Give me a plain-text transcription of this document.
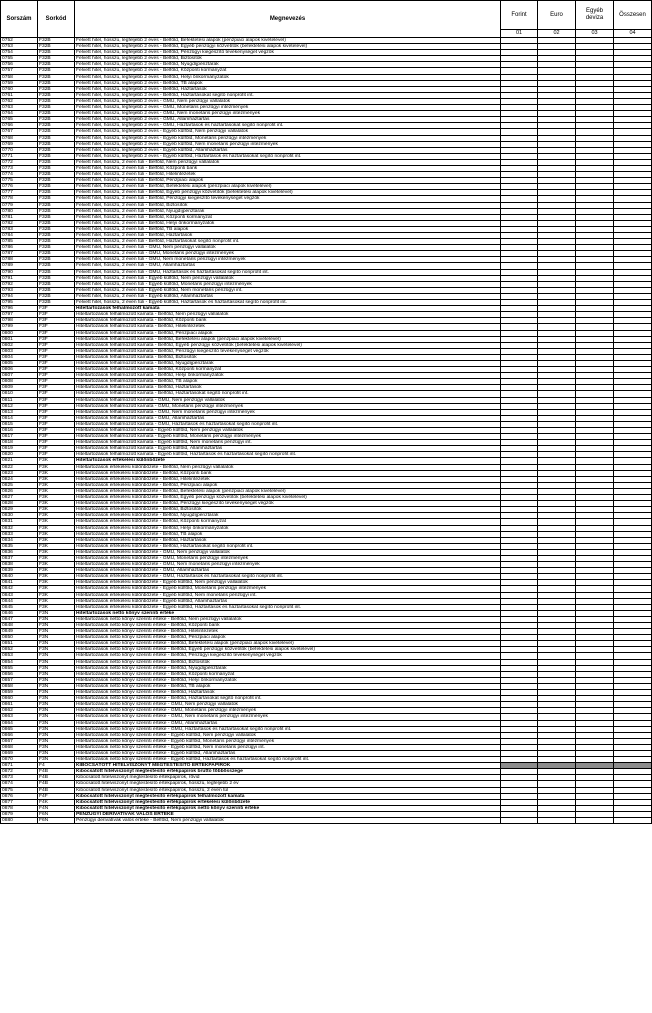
Sorszám	Sorkód	Megnevezés	Forint	Euro	Egyéb deviza	Összesen
			01	02	03	04
0752	F32B	Felvett hitel, hosszú, legfeljebb 2 éves - Belföld, Befektetési alapok (pénzpiaci alapok kivételével)				
0753	F32B	Felvett hitel, hosszú, legfeljebb 2 éves - Belföld, Egyéb pénzügyi közvetítők (befektetési alapok kivételével)				
0754	F32B	Felvett hitel, hosszú, legfeljebb 2 éves - Belföld, Pénzügyi kiegészítő tevékenységet végzők				
0755	F32B	Felvett hitel, hosszú, legfeljebb 2 éves - Belföld, Biztosítók				
0756	F32B	Felvett hitel, hosszú, legfeljebb 2 éves - Belföld, Nyugdíjpénztárak				
0757	F32B	Felvett hitel, hosszú, legfeljebb 2 éves - Belföld, Központi kormányzat				
0758	F32B	Felvett hitel, hosszú, legfeljebb 2 éves - Belföld, Helyi önkormányzatok				
0759	F32B	Felvett hitel, hosszú, legfeljebb 2 éves - Belföld, TB alapok				
0760	F32B	Felvett hitel, hosszú, legfeljebb 2 éves - Belföld, Háztartások				
0761	F32B	Felvett hitel, hosszú, legfeljebb 2 éves - Belföld, Háztartásokat segítő nonprofit int.				
0762	F32B	Felvett hitel, hosszú, legfeljebb 2 éves - GMU, Nem pénzügyi vállalatok				
0763	F32B	Felvett hitel, hosszú, legfeljebb 2 éves - GMU, Monetáris pénzügyi intézmények				
0764	F32B	Felvett hitel, hosszú, legfeljebb 2 éves - GMU, Nem monetáris pénzügyi intézmények				
0765	F32B	Felvett hitel, hosszú, legfeljebb 2 éves - GMU, Államháztartás				
0766	F32B	Felvett hitel, hosszú, legfeljebb 2 éves - GMU, Háztartások és háztartásokat segítő nonprofit int.				
0767	F32B	Felvett hitel, hosszú, legfeljebb 2 éves - Egyéb külföld, Nem pénzügyi vállalatok				
0768	F32B	Felvett hitel, hosszú, legfeljebb 2 éves - Egyéb külföld, Monetáris pénzügyi intézmények				
0769	F32B	Felvett hitel, hosszú, legfeljebb 2 éves - Egyéb külföld, Nem monetáris pénzügyi intézmények				
0770	F32B	Felvett hitel, hosszú, legfeljebb 2 éves - Egyéb külföld, Államháztartás				
0771	F32B	Felvett hitel, hosszú, legfeljebb 2 éves - Egyéb külföld, Háztartások és háztartásokat segítő nonprofit int.				
0772	F32B	Felvett hitel, hosszú, 2 éven túli - Belföld, Nem pénzügyi vállalatok				
0773	F32B	Felvett hitel, hosszú, 2 éven túli - Belföld, Központi bank				
0774	F32B	Felvett hitel, hosszú, 2 éven túli - Belföld, Hitelintézetek				
0775	F32B	Felvett hitel, hosszú, 2 éven túli - Belföld, Pénzpiaci alapok				
0776	F32B	Felvett hitel, hosszú, 2 éven túli - Belföld, Befektetési alapok (pénzpiaci alapok kivételével)				
0777	F32B	Felvett hitel, hosszú, 2 éven túli - Belföld, Egyéb pénzügyi közvetítők (befektetési alapok kivételével)				
0778	F32B	Felvett hitel, hosszú, 2 éven túli - Belföld, Pénzügyi kiegészítő tevékenységet végzők				
0779	F32B	Felvett hitel, hosszú, 2 éven túli - Belföld, Biztosítók				
0780	F32B	Felvett hitel, hosszú, 2 éven túli - Belföld, Nyugdíjpénztárak				
0781	F32B	Felvett hitel, hosszú, 2 éven túli - Belföld, Központi kormányzat				
0782	F32B	Felvett hitel, hosszú, 2 éven túli - Belföld, Helyi önkormányzatok				
0783	F32B	Felvett hitel, hosszú, 2 éven túli - Belföld, TB alapok				
0784	F32B	Felvett hitel, hosszú, 2 éven túli - Belföld, Háztartások				
0785	F32B	Felvett hitel, hosszú, 2 éven túli - Belföld, Háztartásokat segítő nonprofit int.				
0786	F32B	Felvett hitel, hosszú, 2 éven túli - GMU, Nem pénzügyi vállalatok				
0787	F32B	Felvett hitel, hosszú, 2 éven túli - GMU, Monetáris pénzügyi intézmények				
0788	F32B	Felvett hitel, hosszú, 2 éven túli - GMU, Nem monetáris pénzügyi intézmények				
0789	F32B	Felvett hitel, hosszú, 2 éven túli - GMU, Államháztartás				
0790	F32B	Felvett hitel, hosszú, 2 éven túli - GMU, Háztartások és háztartásokat segítő nonprofit int.				
0791	F32B	Felvett hitel, hosszú, 2 éven túli - Egyéb külföld, Nem pénzügyi vállalatok				
0792	F32B	Felvett hitel, hosszú, 2 éven túli - Egyéb külföld, Monetáris pénzügyi intézmények				
0793	F32B	Felvett hitel, hosszú, 2 éven túli - Egyéb külföld, Nem monetáris pénzügyi int.				
0794	F32B	Felvett hitel, hosszú, 2 éven túli - Egyéb külföld, Államháztartás				
0795	F32B	Felvett hitel, hosszú, 2 éven túli - Egyéb külföld, Háztartások és háztartásokat segítő nonprofit int.				
0796	F3F	Hiteltartozások felhalmozott kamata				
0797	F3F	Hiteltartozások felhalmozott kamata - Belföld, Nem pénzügyi vállalatok				
0798	F3F	Hiteltartozások felhalmozott kamata - Belföld, Központi bank				
0799	F3F	Hiteltartozások felhalmozott kamata - Belföld, Hitelintézetek				
0800	F3F	Hiteltartozások felhalmozott kamata - Belföld, Pénzpiaci alapok				
0801	F3F	Hiteltartozások felhalmozott kamata - Belföld, Befektetési alapok (pénzpiaci alapok kivételével)				
0802	F3F	Hiteltartozások felhalmozott kamata - Belföld, Egyéb pénzügyi közvetítők (befektetési alapok kivételével)				
0803	F3F	Hiteltartozások felhalmozott kamata - Belföld, Pénzügyi kiegészítő tevékenységet végzők				
0804	F3F	Hiteltartozások felhalmozott kamata - Belföld, Biztosítók				
0805	F3F	Hiteltartozások felhalmozott kamata - Belföld, Nyugdíjpénztárak				
0806	F3F	Hiteltartozások felhalmozott kamata - Belföld, Központi kormányzat				
0807	F3F	Hiteltartozások felhalmozott kamata - Belföld, Helyi önkormányzatok				
0808	F3F	Hiteltartozások felhalmozott kamata - Belföld, TB alapok				
0809	F3F	Hiteltartozások felhalmozott kamata - Belföld, Háztartások				
0810	F3F	Hiteltartozások felhalmozott kamata - Belföld, Háztartásokat segítő nonprofit int.				
0811	F3F	Hiteltartozások felhalmozott kamata - GMU, Nem pénzügyi vállalatok				
0812	F3F	Hiteltartozások felhalmozott kamata - GMU, Monetáris pénzügyi intézmények				
0813	F3F	Hiteltartozások felhalmozott kamata - GMU, Nem monetáris pénzügyi intézmények				
0814	F3F	Hiteltartozások felhalmozott kamata - GMU, Államháztartás				
0815	F3F	Hiteltartozások felhalmozott kamata - GMU, Háztartások és háztartásokat segítő nonprofit int.				
0816	F3F	Hiteltartozások felhalmozott kamata - Egyéb külföld, Nem pénzügyi vállalatok				
0817	F3F	Hiteltartozások felhalmozott kamata - Egyéb külföld, Monetáris pénzügyi intézmények				
0818	F3F	Hiteltartozások felhalmozott kamata - Egyéb külföld, Nem monetáris pénzügyi int.				
0819	F3F	Hiteltartozások felhalmozott kamata - Egyéb külföld, Államháztartás				
0820	F3F	Hiteltartozások felhalmozott kamata - Egyéb külföld, Háztartások és háztartásokat segítő nonprofit int.				
0821	F3K	Hiteltartozások értékelési különbözete				
0822	F3K	Hiteltartozások értékelési különbözete - Belföld, Nem pénzügyi vállalatok				
0823	F3K	Hiteltartozások értékelési különbözete - Belföld, Központi bank				
0824	F3K	Hiteltartozások értékelési különbözete - Belföld, Hitelintézetek				
0825	F3K	Hiteltartozások értékelési különbözete - Belföld, Pénzpiaci alapok				
0826	F3K	Hiteltartozások értékelési különbözete - Belföld, Befektetési alapok (pénzpiaci alapok kivételével)				
0827	F3K	Hiteltartozások értékelési különbözete - Belföld, Egyéb pénzügyi közvetítők (befektetési alapok kivételével)				
0828	F3K	Hiteltartozások értékelési különbözete - Belföld, Pénzügyi kiegészítő tevékenységet végzők				
0829	F3K	Hiteltartozások értékelési különbözete - Belföld, Biztosítók				
0830	F3K	Hiteltartozások értékelési különbözete - Belföld, Nyugdíjpénztárak				
0831	F3K	Hiteltartozások értékelési különbözete - Belföld, Központi kormányzat				
0832	F3K	Hiteltartozások értékelési különbözete - Belföld, Helyi önkormányzatok				
0833	F3K	Hiteltartozások értékelési különbözete - Belföld, TB alapok				
0834	F3K	Hiteltartozások értékelési különbözete - Belföld, Háztartások				
0835	F3K	Hiteltartozások értékelési különbözete - Belföld, Háztartásokat segítő nonprofit int.				
0836	F3K	Hiteltartozások értékelési különbözete - GMU, Nem pénzügyi vállalatok				
0837	F3K	Hiteltartozások értékelési különbözete - GMU, Monetáris pénzügyi intézmények				
0838	F3K	Hiteltartozások értékelési különbözete - GMU, Nem monetáris pénzügyi intézmények				
0839	F3K	Hiteltartozások értékelési különbözete - GMU, Államháztartás				
0840	F3K	Hiteltartozások értékelési különbözete - GMU, Háztartások és háztartásokat segítő nonprofit int.				
0841	F3K	Hiteltartozások értékelési különbözete - Egyéb külföld, Nem pénzügyi vállalatok				
0842	F3K	Hiteltartozások értékelési különbözete - Egyéb külföld, Monetáris pénzügyi intézmények				
0843	F3K	Hiteltartozások értékelési különbözete - Egyéb külföld, Nem monetáris pénzügyi int.				
0844	F3K	Hiteltartozások értékelési különbözete - Egyéb külföld, Államháztartás				
0845	F3K	Hiteltartozások értékelési különbözete - Egyéb külföld, Háztartások és háztartásokat segítő nonprofit int.				
0846	F3N	Hiteltartozások nettó könyv szerinti értéke				
0847	F3N	Hiteltartozások nettó könyv szerinti értéke - Belföld, Nem pénzügyi vállalatok				
0848	F3N	Hiteltartozások nettó könyv szerinti értéke - Belföld, Központi bank				
0849	F3N	Hiteltartozások nettó könyv szerinti értéke - Belföld, Hitelintézetek				
0850	F3N	Hiteltartozások nettó könyv szerinti értéke - Belföld, Pénzpiaci alapok				
0851	F3N	Hiteltartozások nettó könyv szerinti értéke - Belföld, Befektetési alapok (pénzpiaci alapok kivételével)				
0852	F3N	Hiteltartozások nettó könyv szerinti értéke - Belföld, Egyéb pénzügyi közvetítők (befektetési alapok kivételével)				
0853	F3N	Hiteltartozások nettó könyv szerinti értéke - Belföld, Pénzügyi kiegészítő tevékenységet végzők				
0854	F3N	Hiteltartozások nettó könyv szerinti értéke - Belföld, Biztosítók				
0855	F3N	Hiteltartozások nettó könyv szerinti értéke - Belföld, Nyugdíjpénztárak				
0856	F3N	Hiteltartozások nettó könyv szerinti értéke - Belföld, Központi kormányzat				
0857	F3N	Hiteltartozások nettó könyv szerinti értéke - Belföld, Helyi önkormányzatok				
0858	F3N	Hiteltartozások nettó könyv szerinti értéke - Belföld, TB alapok				
0859	F3N	Hiteltartozások nettó könyv szerinti értéke - Belföld, Háztartások				
0860	F3N	Hiteltartozások nettó könyv szerinti értéke - Belföld, Háztartásokat segítő nonprofit int.				
0861	F3N	Hiteltartozások nettó könyv szerinti értéke - GMU, Nem pénzügyi vállalatok				
0862	F3N	Hiteltartozások nettó könyv szerinti értéke - GMU, Monetáris pénzügyi intézmények				
0863	F3N	Hiteltartozások nettó könyv szerinti értéke - GMU, Nem monetáris pénzügyi intézmények				
0864	F3N	Hiteltartozások nettó könyv szerinti értéke - GMU, Államháztartás				
0865	F3N	Hiteltartozások nettó könyv szerinti értéke - GMU, Háztartások és háztartásokat segítő nonprofit int.				
0866	F3N	Hiteltartozások nettó könyv szerinti értéke - Egyéb külföld, Nem pénzügyi vállalatok				
0867	F3N	Hiteltartozások nettó könyv szerinti értéke - Egyéb külföld, Monetáris pénzügyi intézmények				
0868	F3N	Hiteltartozások nettó könyv szerinti értéke - Egyéb külföld, Nem monetáris pénzügyi int.				
0869	F3N	Hiteltartozások nettó könyv szerinti értéke - Egyéb külföld, Államháztartás				
0870	F3N	Hiteltartozások nettó könyv szerinti értéke - Egyéb külföld, Háztartások és háztartásokat segítő nonprofit int.				
0871	F4	KIBOCSÁTOTT HITELVISZONYT MEGTESTESÍTŐ ÉRTÉKPAPÍROK				
0872	F4B	Kibocsátott hitelviszonyt megtestesítő értékpapírok bruttó többösszege				
0873	F4B	Kibocsátott hitelviszonyt megtestesítő értékpapírok, rövid				
0874	F4B	Kibocsátott hitelviszonyt megtestesítő értékpapírok, hosszú, legfeljebb 2 év				
0875	F4B	Kibocsátott hitelviszonyt megtestesítő értékpapírok, hosszú, 2 éven túl				
0876	F4F	Kibocsátott hitelviszonyt megtestesítő értékpapírok felhalmozott kamata				
0877	F4K	Kibocsátott hitelviszonyt megtestesítő értékpapírok értékelési különbözete				
0878	F4N	Kibocsátott hitelviszonyt megtestesítő értékpapírok nettó könyv szerinti értéke				
0879	F6N	PÉNZÜGYI DERIVATÍVÁK VALÓS ÉRTÉKE				
0880	F6N	Pénzügyi derivatívák valós értéke - Belföld, Nem pénzügyi vállalatok				
